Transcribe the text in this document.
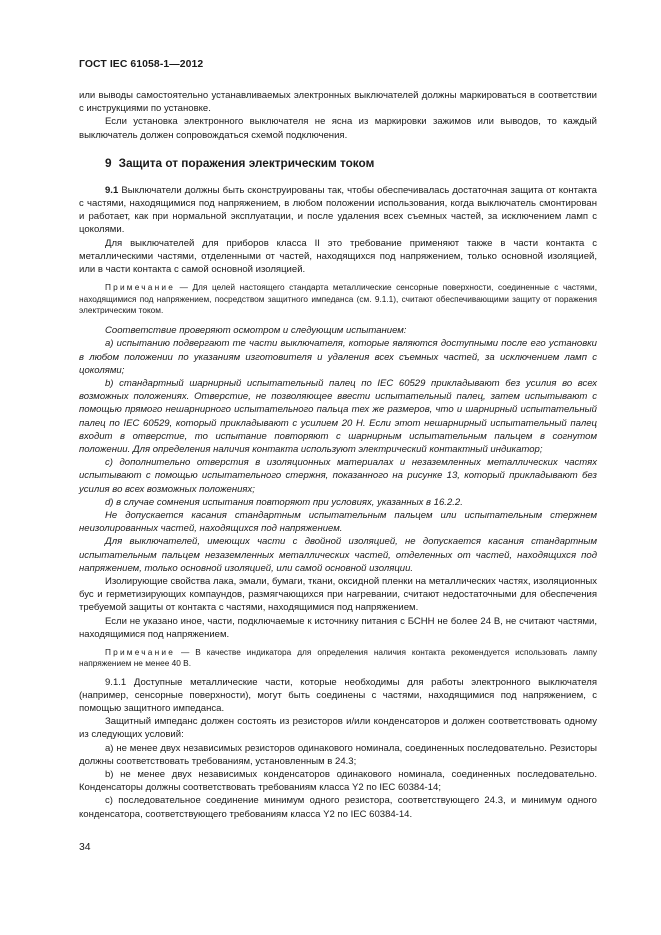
ГОСТ IEC 61058-1—2012

или выводы самостоятельно устанавливаемых электронных выключателей должны маркироваться в соответствии с инструкциями по установке.

Если установка электронного выключателя не ясна из маркировки зажимов или выводов, то каждый выключатель должен сопровождаться схемой подключения.

9 Защита от поражения электрическим током

9.1 Выключатели должны быть сконструированы так, чтобы обеспечивалась достаточная защита от контакта с частями, находящимися под напряжением, в любом положении использования, когда выключатель смонтирован и работает, как при нормальной эксплуатации, и после удаления всех съемных частей, за исключением ламп с цоколями.

Для выключателей для приборов класса II это требование применяют также в части контакта с металлическими частями, отделенными от частей, находящихся под напряжением, только основной изоляцией, или в части контакта с самой основной изоляцией.

Примечание — Для целей настоящего стандарта металлические сенсорные поверхности, соединенные с частями, находящимися под напряжением, посредством защитного импеданса (см. 9.1.1), считают обеспечивающими защиту от поражения электрическим током.

Соответствие проверяют осмотром и следующим испытанием:

a) испытанию подвергают те части выключателя, которые являются доступными после его установки в любом положении по указаниям изготовителя и удаления всех съемных частей, за исключением ламп с цоколями;

b) стандартный шарнирный испытательный палец по IEC 60529 прикладывают без усилия во всех возможных положениях. Отверстие, не позволяющее ввести испытательный палец, затем испытывают с помощью прямого нешарнирного испытательного пальца тех же размеров, что и шарнирный испытательный палец по IEC 60529, который прикладывают с усилием 20 Н. Если этот нешарнирный испытательный палец входит в отверстие, то испытание повторяют с шарнирным испытательным пальцем в согнутом положении. Для определения наличия контакта используют электрический контактный индикатор;

c) дополнительно отверстия в изоляционных материалах и незаземленных металлических частях испытывают с помощью испытательного стержня, показанного на рисунке 13, который прикладывают без усилия во всех возможных положениях;

d) в случае сомнения испытания повторяют при условиях, указанных в 16.2.2.

Не допускается касания стандартным испытательным пальцем или испытательным стержнем неизолированных частей, находящихся под напряжением.

Для выключателей, имеющих части с двойной изоляцией, не допускается касания стандартным испытательным пальцем незаземленных металлических частей, отделенных от частей, находящихся под напряжением, только основной изоляцией, или самой основной изоляции.

Изолирующие свойства лака, эмали, бумаги, ткани, оксидной пленки на металлических частях, изоляционных бус и герметизирующих компаундов, размягчающихся при нагревании, считают недостаточными для обеспечения требуемой защиты от контакта с частями, находящимися под напряжением.

Если не указано иное, части, подключаемые к источнику питания с БСНН не более 24 В, не считают частями, находящимися под напряжением.

Примечание — В качестве индикатора для определения наличия контакта рекомендуется использовать лампу напряжением не менее 40 В.

9.1.1 Доступные металлические части, которые необходимы для работы электронного выключателя (например, сенсорные поверхности), могут быть соединены с частями, находящимися под напряжением, с помощью защитного импеданса.

Защитный импеданс должен состоять из резисторов и/или конденсаторов и должен соответствовать одному из следующих условий:

a) не менее двух независимых резисторов одинакового номинала, соединенных последовательно. Резисторы должны соответствовать требованиям, установленным в 24.3;

b) не менее двух независимых конденсаторов одинакового номинала, соединенных последовательно. Конденсаторы должны соответствовать требованиям класса Y2 по IEC 60384-14;

c) последовательное соединение минимум одного резистора, соответствующего 24.3, и минимум одного конденсатора, соответствующего требованиям класса Y2 по IEC 60384-14.

34
